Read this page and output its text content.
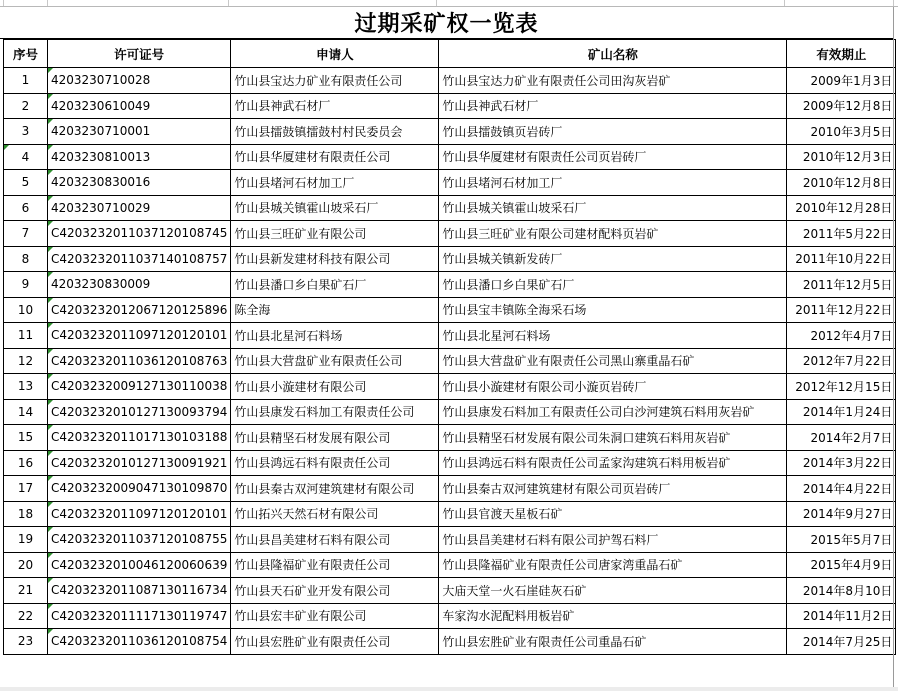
过期采矿权一览表
序号	许可证号	申请人	矿山名称	有效期止
1	4203230710028	竹山县宝达力矿业有限责任公司	竹山县宝达力矿业有限责任公司田沟灰岩矿	2009年1月3日
2	4203230610049	竹山县神武石材厂	竹山县神武石材厂	2009年12月8日
3	4203230710001	竹山县擂鼓镇擂鼓村村民委员会	竹山县擂鼓镇页岩砖厂	2010年3月5日
4	4203230810013	竹山县华厦建材有限责任公司	竹山县华厦建材有限责任公司页岩砖厂	2010年12月3日
5	4203230830016	竹山县堵河石材加工厂	竹山县堵河石材加工厂	2010年12月8日
6	4203230710029	竹山县城关镇霍山坡采石厂	竹山县城关镇霍山坡采石厂	2010年12月28日
7	C4203232011037120108745	竹山县三旺矿业有限公司	竹山县三旺矿业有限公司建材配料页岩矿	2011年5月22日
8	C4203232011037140108757	竹山县新发建材科技有限公司	竹山县城关镇新发砖厂	2011年10月22日
9	4203230830009	竹山县潘口乡白果矿石厂	竹山县潘口乡白果矿石厂	2011年12月5日
10	C4203232012067120125896	陈全海	竹山县宝丰镇陈全海采石场	2011年12月22日
11	C4203232011097120120101	竹山县北星河石料场	竹山县北星河石料场	2012年4月7日
12	C4203232011036120108763	竹山县大营盘矿业有限责任公司	竹山县大营盘矿业有限责任公司黑山寨重晶石矿	2012年7月22日
13	C4203232009127130110038	竹山县小漩建材有限公司	竹山县小漩建材有限公司小漩页岩砖厂	2012年12月15日
14	C4203232010127130093794	竹山县康发石料加工有限责任公司	竹山县康发石料加工有限责任公司白沙河建筑石料用灰岩矿	2014年1月24日
15	C4203232011017130103188	竹山县精坚石材发展有限公司	竹山县精坚石材发展有限公司朱洞口建筑石料用灰岩矿	2014年2月7日
16	C4203232010127130091921	竹山县鸿远石料有限责任公司	竹山县鸿远石料有限责任公司孟家沟建筑石料用板岩矿	2014年3月22日
17	C4203232009047130109870	竹山县秦古双河建筑建材有限公司	竹山县秦古双河建筑建材有限公司页岩砖厂	2014年4月22日
18	C4203232011097120120101	竹山拓兴天然石材有限公司	竹山县官渡天星板石矿	2014年9月27日
19	C4203232011037120108755	竹山县昌美建材石料有限公司	竹山县昌美建材石料有限公司护驾石料厂	2015年5月7日
20	C4203232010046120060639	竹山县隆福矿业有限责任公司	竹山县隆福矿业有限责任公司唐家湾重晶石矿	2015年4月9日
21	C4203232011087130116734	竹山县天石矿业开发有限公司	大庙天堂一火石崖硅灰石矿	2014年8月10日
22	C4203232011117130119747	竹山县宏丰矿业有限公司	车家沟水泥配料用板岩矿	2014年11月2日
23	C4203232011036120108754	竹山县宏胜矿业有限责任公司	竹山县宏胜矿业有限责任公司重晶石矿	2014年7月25日
